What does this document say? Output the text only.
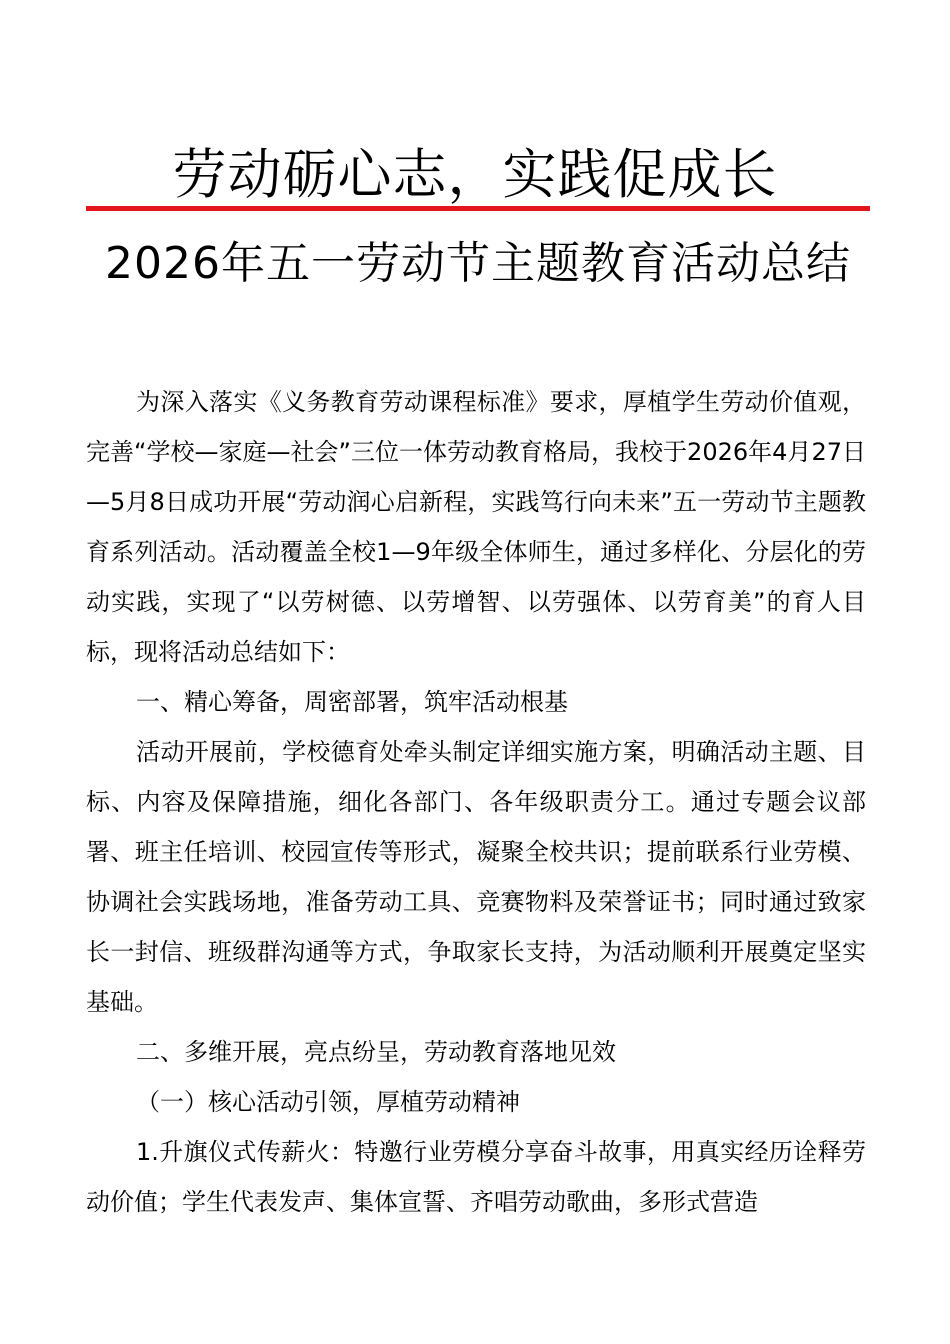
劳动砺心志，实践促成长
2026年五一劳动节主题教育活动总结

为深入落实《义务教育劳动课程标准》要求，厚植学生劳动价值观，完善“学校—家庭—社会”三位一体劳动教育格局，我校于2026年4月27日—5月8日成功开展“劳动润心启新程，实践笃行向未来”五一劳动节主题教育系列活动。活动覆盖全校1—9年级全体师生，通过多样化、分层化的劳动实践，实现了“以劳树德、以劳增智、以劳强体、以劳育美”的育人目标，现将活动总结如下：

一、精心筹备，周密部署，筑牢活动根基

活动开展前，学校德育处牵头制定详细实施方案，明确活动主题、目标、内容及保障措施，细化各部门、各年级职责分工。通过专题会议部署、班主任培训、校园宣传等形式，凝聚全校共识；提前联系行业劳模、协调社会实践场地，准备劳动工具、竞赛物料及荣誉证书；同时通过致家长一封信、班级群沟通等方式，争取家长支持，为活动顺利开展奠定坚实基础。

二、多维开展，亮点纷呈，劳动教育落地见效

（一）核心活动引领，厚植劳动精神

1.升旗仪式传薪火：特邀行业劳模分享奋斗故事，用真实经历诠释劳动价值；学生代表发声、集体宣誓、齐唱劳动歌曲，多形式营造
